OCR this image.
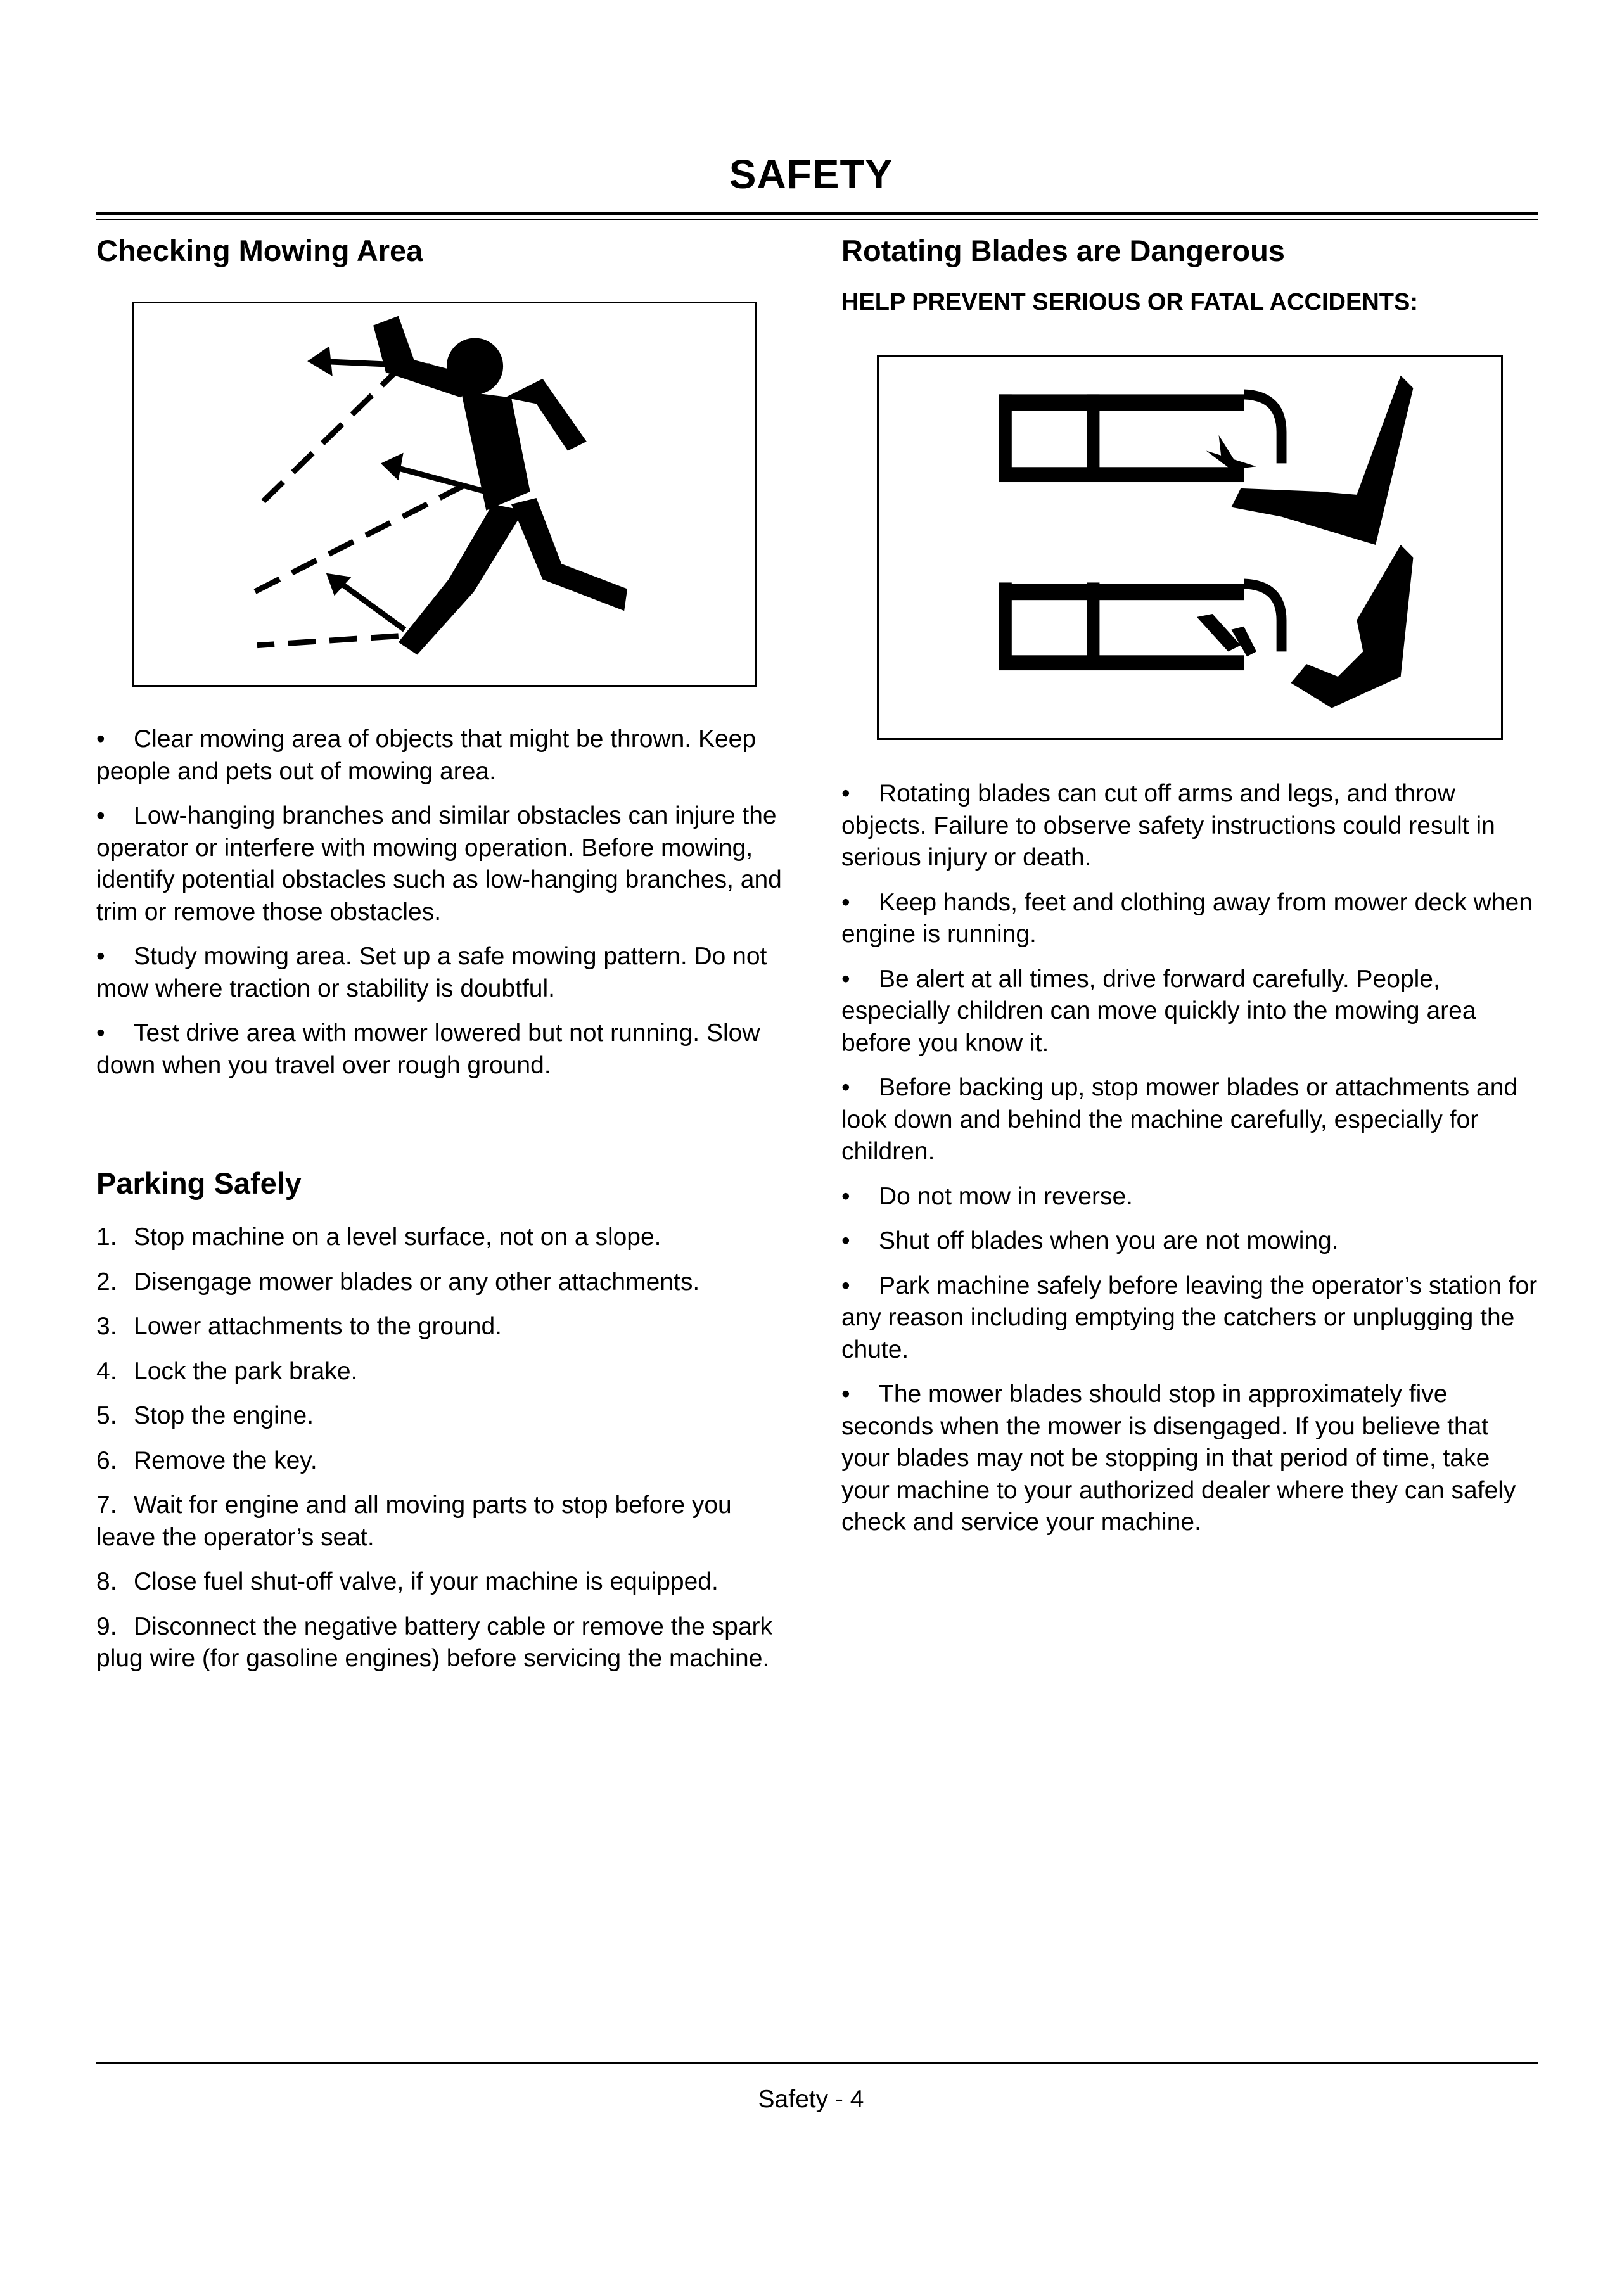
SAFETY
Checking Mowing Area
• Clear mowing area of objects that might be thrown. Keep people and pets out of mowing area.
• Low-hanging branches and similar obstacles can injure the operator or interfere with mowing operation. Before mowing, identify potential obstacles such as low-hanging branches, and trim or remove those obstacles.
• Study mowing area. Set up a safe mowing pattern. Do not mow where traction or stability is doubtful.
• Test drive area with mower lowered but not running. Slow down when you travel over rough ground.
Parking Safely
1. Stop machine on a level surface, not on a slope.
2. Disengage mower blades or any other attachments.
3. Lower attachments to the ground.
4. Lock the park brake.
5. Stop the engine.
6. Remove the key.
7. Wait for engine and all moving parts to stop before you leave the operator’s seat.
8. Close fuel shut-off valve, if your machine is equipped.
9. Disconnect the negative battery cable or remove the spark plug wire (for gasoline engines) before servicing the machine.
Rotating Blades are Dangerous

HELP PREVENT SERIOUS OR FATAL ACCIDENTS:

• Rotating blades can cut off arms and legs, and throw objects. Failure to observe safety instructions could result in serious injury or death.
• Keep hands, feet and clothing away from mower deck when engine is running.
• Be alert at all times, drive forward carefully. People, especially children can move quickly into the mowing area before you know it.
• Before backing up, stop mower blades or attachments and look down and behind the machine carefully, especially for children.
• Do not mow in reverse.
• Shut off blades when you are not mowing.
• Park machine safely before leaving the operator’s station for any reason including emptying the catchers or unplugging the chute.
• The mower blades should stop in approximately five seconds when the mower is disengaged. If you believe that your blades may not be stopping in that period of time, take your machine to your authorized dealer where they can safely check and service your machine.
Safety - 4
